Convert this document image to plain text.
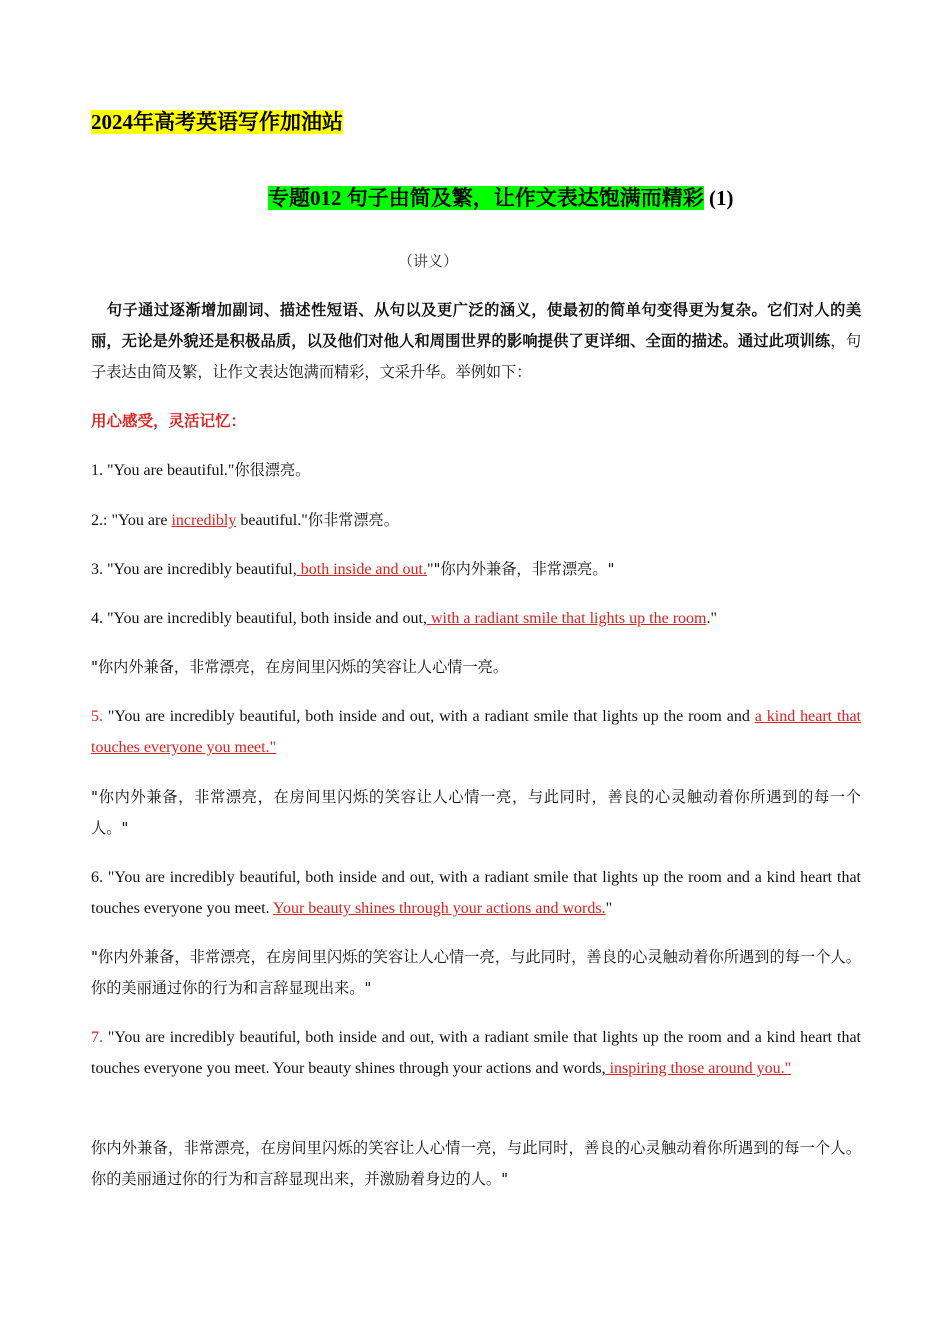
2024年高考英语写作加油站
专题012 句子由简及繁，让作文表达饱满而精彩 (1)
（讲义）
　句子通过逐渐增加副词、描述性短语、从句以及更广泛的涵义，使最初的简单句变得更为复杂。它们对人的美丽，无论是外貌还是积极品质，以及他们对他人和周围世界的影响提供了更详细、全面的描述。通过此项训练，句子表达由简及繁，让作文表达饱满而精彩，文采升华。举例如下：
用心感受，灵活记忆：
1. "You are beautiful."你很漂亮。
2.: "You are incredibly beautiful."你非常漂亮。
3. "You are incredibly beautiful, both inside and out.""你内外兼备，非常漂亮。"
4. "You are incredibly beautiful, both inside and out, with a radiant smile that lights up the room."
"你内外兼备，非常漂亮，在房间里闪烁的笑容让人心情一亮。
5. "You are incredibly beautiful, both inside and out, with a radiant smile that lights up the room and a kind heart that touches everyone you meet."
"你内外兼备，非常漂亮，在房间里闪烁的笑容让人心情一亮，与此同时，善良的心灵触动着你所遇到的每一个人。"
6. "You are incredibly beautiful, both inside and out, with a radiant smile that lights up the room and a kind heart that touches everyone you meet. Your beauty shines through your actions and words."
"你内外兼备，非常漂亮，在房间里闪烁的笑容让人心情一亮，与此同时，善良的心灵触动着你所遇到的每一个人。你的美丽通过你的行为和言辞显现出来。"
7. "You are incredibly beautiful, both inside and out, with a radiant smile that lights up the room and a kind heart that touches everyone you meet. Your beauty shines through your actions and words, inspiring those around you."
你内外兼备，非常漂亮，在房间里闪烁的笑容让人心情一亮，与此同时，善良的心灵触动着你所遇到的每一个人。你的美丽通过你的行为和言辞显现出来，并激励着身边的人。"
